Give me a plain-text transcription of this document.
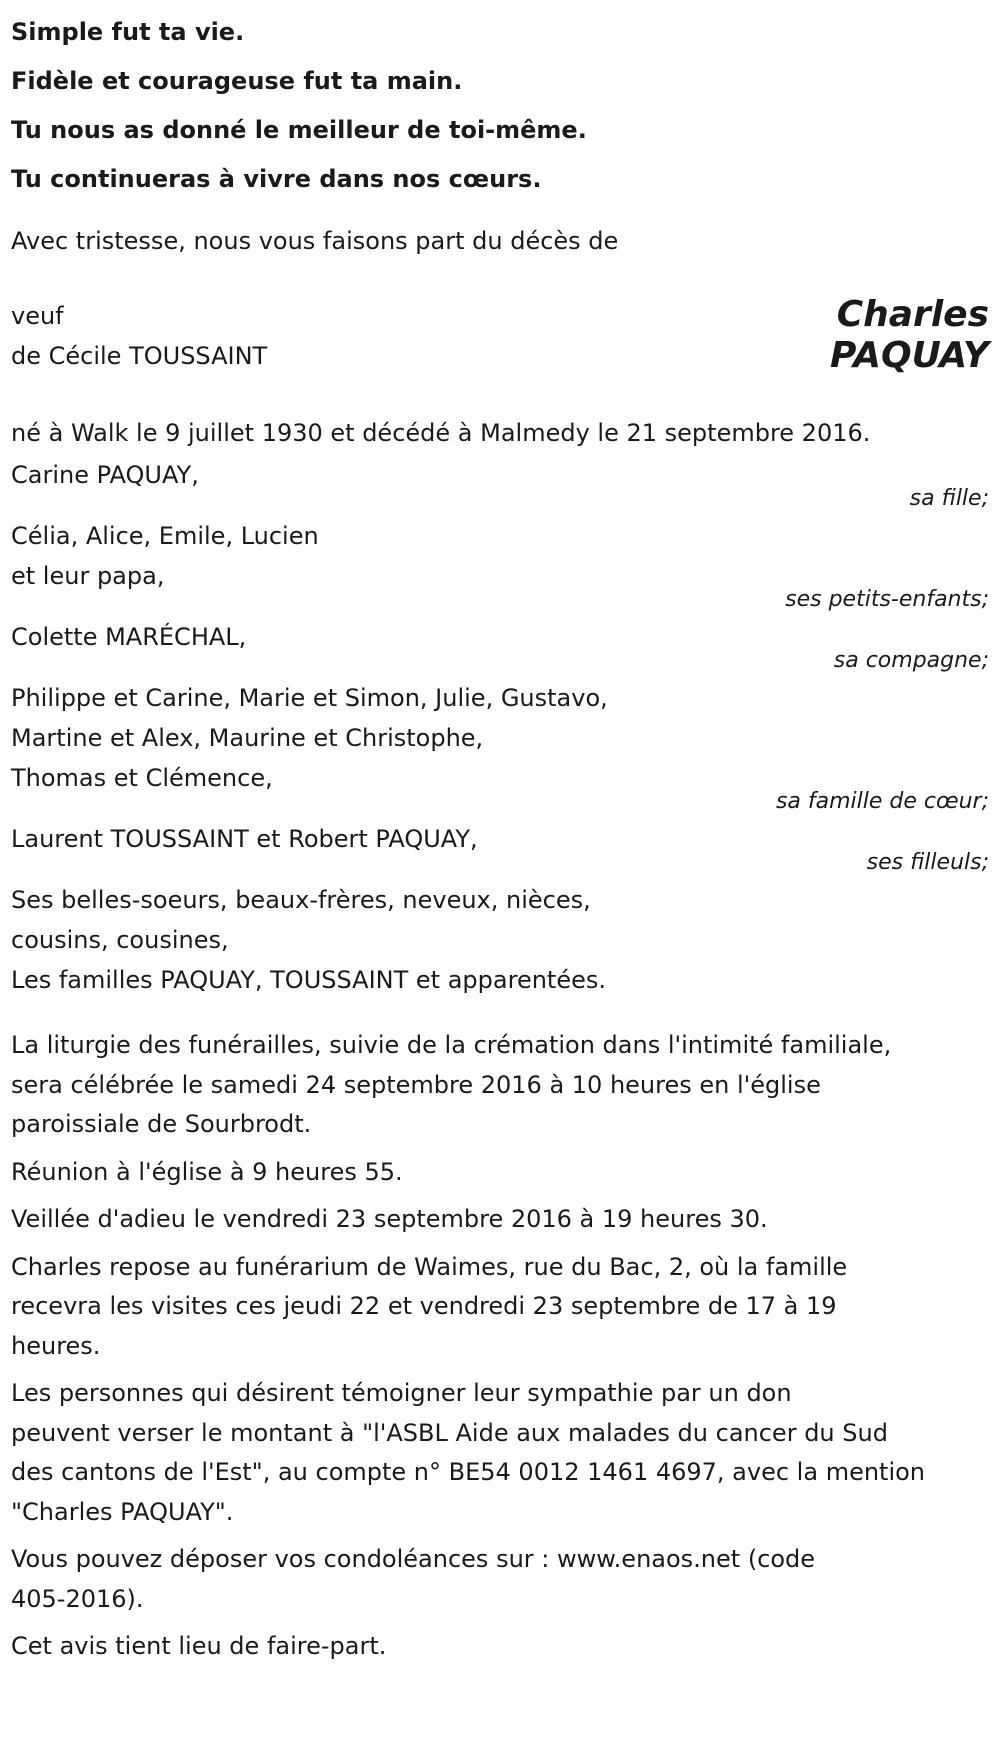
Simple fut ta vie.
Fidèle et courageuse fut ta main.
Tu nous as donné le meilleur de toi-même.
Tu continueras à vivre dans nos cœurs.
Avec tristesse, nous vous faisons part du décès de
veuf
de Cécile TOUSSAINT
Charles
PAQUAY
né à Walk le 9 juillet 1930 et décédé à Malmedy le 21 septembre 2016.
Carine PAQUAY,
sa fille;
Célia, Alice, Emile, Lucien
et leur papa,
ses petits-enfants;
Colette MARÉCHAL,
sa compagne;
Philippe et Carine, Marie et Simon, Julie, Gustavo,
Martine et Alex, Maurine et Christophe,
Thomas et Clémence,
sa famille de cœur;
Laurent TOUSSAINT et Robert PAQUAY,
ses filleuls;
Ses belles-soeurs, beaux-frères, neveux, nièces,
cousins, cousines,
Les familles PAQUAY, TOUSSAINT et apparentées.
La liturgie des funérailles, suivie de la crémation dans l'intimité familiale,
sera célébrée le samedi 24 septembre 2016 à 10 heures en l'église
paroissiale de Sourbrodt.
Réunion à l'église à 9 heures 55.
Veillée d'adieu le vendredi 23 septembre 2016 à 19 heures 30.
Charles repose au funérarium de Waimes, rue du Bac, 2, où la famille
recevra les visites ces jeudi 22 et vendredi 23 septembre de 17 à 19
heures.
Les personnes qui désirent témoigner leur sympathie par un don
peuvent verser le montant à "l'ASBL Aide aux malades du cancer du Sud
des cantons de l'Est", au compte n° BE54 0012 1461 4697, avec la mention
"Charles PAQUAY".
Vous pouvez déposer vos condoléances sur : www.enaos.net (code
405-2016).
Cet avis tient lieu de faire-part.
